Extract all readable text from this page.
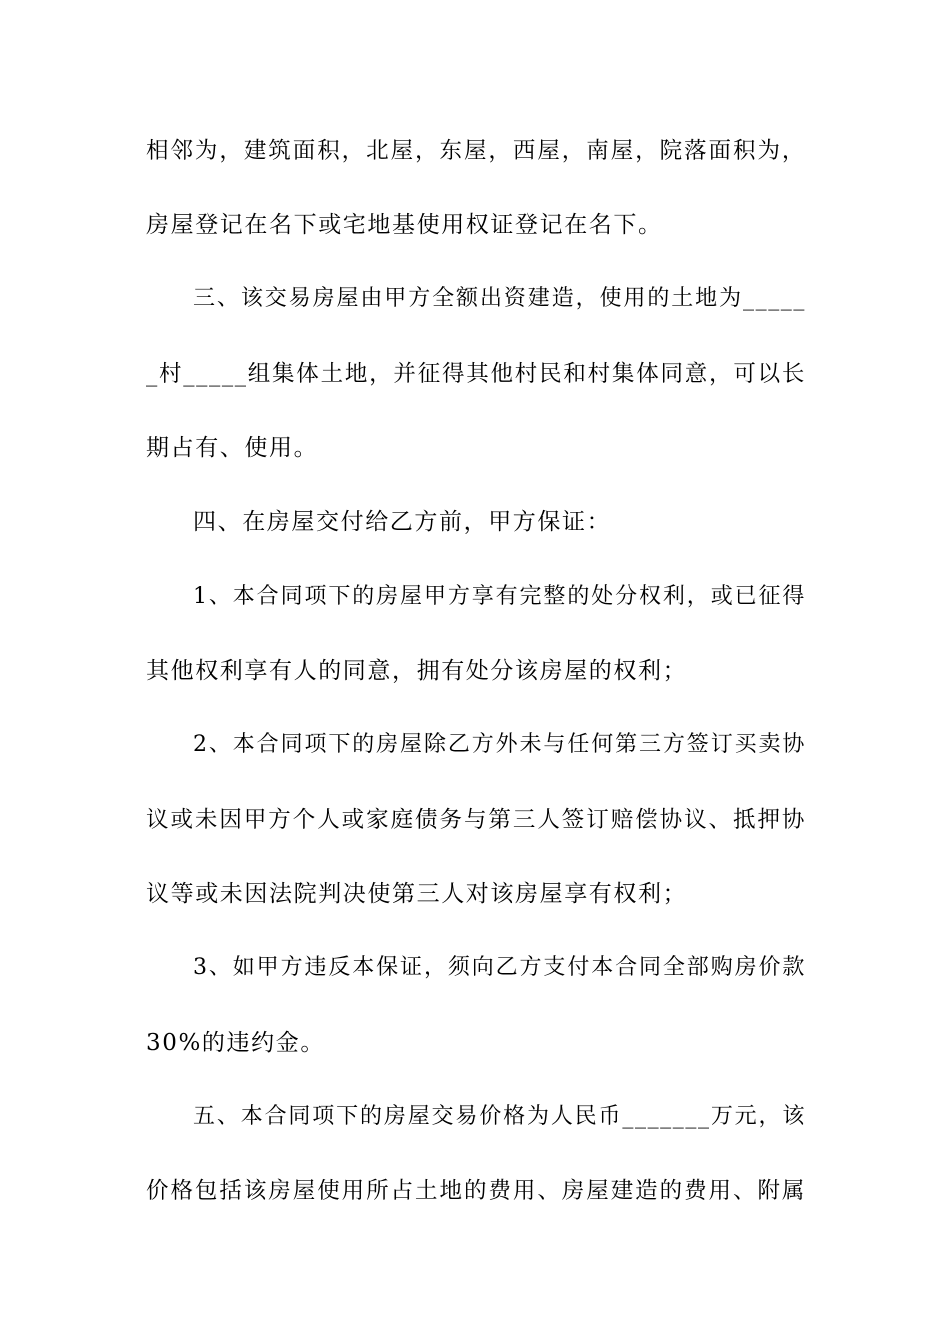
相邻为，建筑面积，北屋，东屋，西屋，南屋，院落面积为，
房屋登记在名下或宅地基使用权证登记在名下。
三、该交易房屋由甲方全额出资建造，使用的土地为_____
_村_____组集体土地，并征得其他村民和村集体同意，可以长
期占有、使用。
四、在房屋交付给乙方前，甲方保证：
1、本合同项下的房屋甲方享有完整的处分权利，或已征得
其他权利享有人的同意，拥有处分该房屋的权利；
2、本合同项下的房屋除乙方外未与任何第三方签订买卖协
议或未因甲方个人或家庭债务与第三人签订赔偿协议、抵押协
议等或未因法院判决使第三人对该房屋享有权利；
3、如甲方违反本保证，须向乙方支付本合同全部购房价款
30%的违约金。
五、本合同项下的房屋交易价格为人民币_______万元，该
价格包括该房屋使用所占土地的费用、房屋建造的费用、附属
